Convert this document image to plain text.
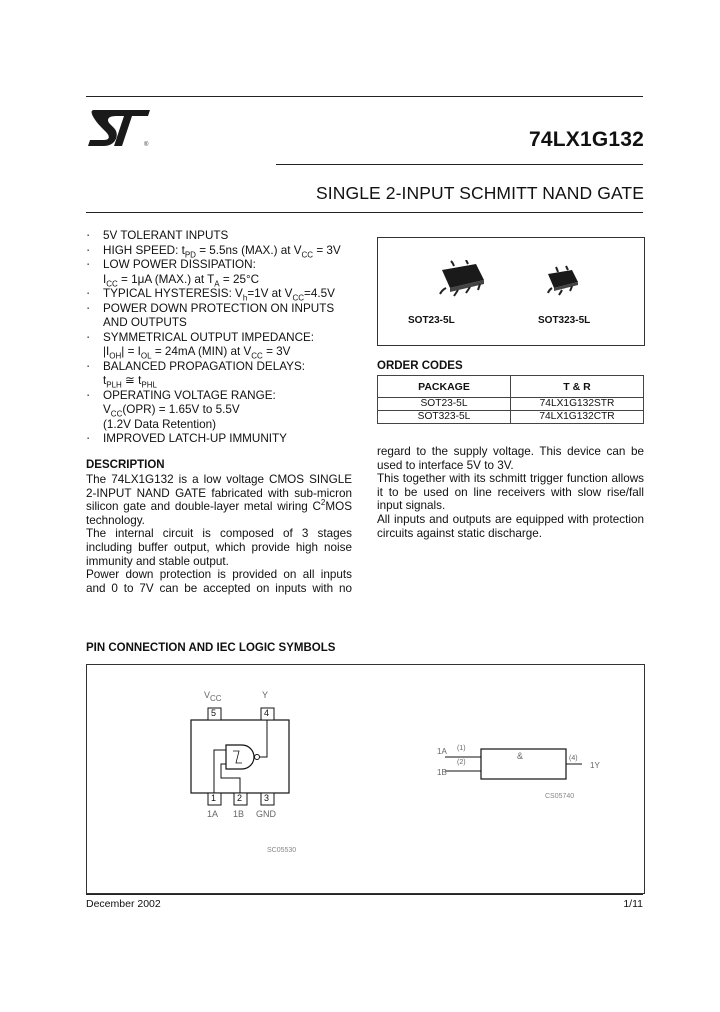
®	74LX1G132
SINGLE 2-INPUT SCHMITT NAND GATE
▪ 5V TOLERANT INPUTS
▪ HIGH SPEED: $t_{PD} = 5.5ns$ (MAX.) at $V_{CC} = 3V$
▪ LOW POWER DISSIPATION:
$I_{CC} = 1\mu A$ (MAX.) at $T_A = 25^\circ C$
▪ TYPICAL HYSTERESIS: $V_h=1V$ at $V_{CC}=4.5V$
▪ POWER DOWN PROTECTION ON INPUTS
AND OUTPUTS
▪ SYMMETRICAL OUTPUT IMPEDANCE:
$|I_{OH}| = I_{OL} = 24mA$ (MIN) at $V_{CC} = 3V$
▪ BALANCED PROPAGATION DELAYS:
$t_{PLH}$ ≅ $t_{PHL}$
▪ OPERATING VOLTAGE RANGE:
$V_{CC}(OPR) = 1.65V$ to 5.5V
(1.2V Data Retention)
▪ IMPROVED LATCH-UP IMMUNITY
SOT23-5L	SOT323-5L
ORDER CODES
PACKAGE	T & R
SOT23-5L	74LX1G132STR
SOT323-5L	74LX1G132CTR
DESCRIPTION
The 74LX1G132 is a low voltage CMOS SINGLE 2-INPUT NAND GATE fabricated with sub-micron silicon gate and double-layer metal wiring $C^2MOS$ technology.
The internal circuit is composed of 3 stages including buffer output, which provide high noise immunity and stable output.
Power down protection is provided on all inputs and 0 to 7V can be accepted on inputs with no
regard to the supply voltage. This device can be used to interface 5V to 3V.
This together with its schmitt trigger function allows it to be used on line receivers with slow rise/fall input signals.
All inputs and outputs are equipped with protection circuits against static discharge.
PIN CONNECTION AND IEC LOGIC SYMBOLS
$V_{CC}$	Y
5	4
1 2 3
1A 1B GND
SC05530
1A
1B
(1)
(2)
&	(4)
1Y
CS05740
December 2002	1/11
